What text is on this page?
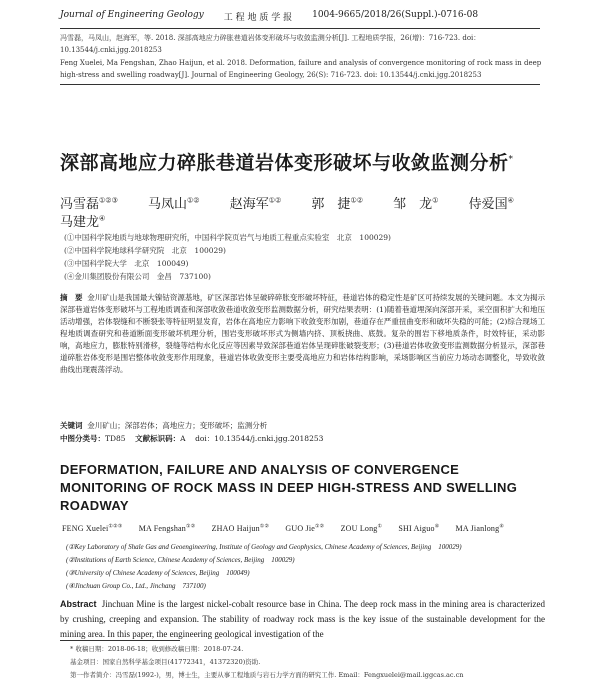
Journal of Engineering Geology 工 程 地 质 学 报 1004-9665/2018/26(Suppl.)-0716-08
冯雪磊，马凤山，赵海军，等. 2018. 深部高地应力碎胀巷道岩体变形破坏与收敛监测分析[J]. 工程地质学报，26(增)：716-723. doi：10.13544/j.cnki.jgg.2018253
Feng Xuelei, Ma Fengshan, Zhao Haijun, et al. 2018. Deformation, failure and analysis of convergence monitoring of rock mass in deep high-stress and swelling roadway[J]. Journal of Engineering Geology, 26(S): 716-723. doi: 10.13544/j.cnki.jgg.2018253
深部高地应力碎胀巷道岩体变形破坏与收敛监测分析*
冯雪磊①②③ 马凤山①② 赵海军①② 郭　捷①② 邹　龙① 侍爱国④
马建龙④
(①中国科学院地质与地球物理研究所，中国科学院页岩气与地质工程重点实验室　北京　100029)
(②中国科学院地球科学研究院　北京　100029)
(③中国科学院大学　北京　100049)
(④金川集团股份有限公司　金昌　737100)
摘　要 金川矿山是我国最大镍钴资源基地，矿区深部岩体呈破碎碎胀变形破坏特征，巷道岩体的稳定性是矿区可持续发展的关键问题。本文为揭示深部巷道岩体变形破坏与工程地质调查和深部收敛巷道收敛变形监测数据分析，研究结果表明：(1)随着巷道埋深向深部开采，采空面积扩大和地压活动增强，岩体裂缝和不断裂张等特征明显发育，岩体在高地应力影响下收敛变形加剧，巷道存在严重扭曲变形和破坏失稳的可能；(2)综合现场工程地质调查研究和巷道断面变形破坏机理分析，围岩变形破坏形式为侧墙内挤、顶板挠曲、底鼓。复杂的围岩下移地质条件，时效特征，采动影响，高地应力，膨胀特别滑移，裂缝等结构水化反应等因素导致深部巷道岩体呈现碎胀破裂变形；(3)巷道岩体收敛变形监测数据分析显示，深部巷道碎胀岩体变形是围岩整体收敛变形作用现象，巷道岩体收敛变形主要受高地应力和岩体结构影响，采场影响区当前应力场动态调整化，导致收敛曲线出现震荡浮动。
关键词 金川矿山；深部岩体；高地应力；变形破坏；监测分析
中图分类号：TD85 文献标识码：A doi：10.13544/j.cnki.jgg.2018253
DEFORMATION, FAILURE AND ANALYSIS OF CONVERGENCE MONITORING OF ROCK MASS IN DEEP HIGH-STRESS AND SWELLING ROADWAY
FENG Xuelei①②③ MA Fengshan①② ZHAO Haijun①② GUO Jie①② ZOU Long① SHI Aiguo④ MA Jianlong④
(①Key Laboratory of Shale Gas and Geoengineering, Institute of Geology and Geophysics, Chinese Academy of Sciences, Beijing　100029)
(②Institutions of Earth Science, Chinese Academy of Sciences, Beijing　100029)
(③University of Chinese Academy of Sciences, Beijing　100049)
(④Jinchuan Group Co., Ltd., Jinchang　737100)
Abstract Jinchuan Mine is the largest nickel-cobalt resource base in China. The deep rock mass in the mining area is characterized by crushing, creeping and expansion. The stability of roadway rock mass is the key issue of the sustainable development for the mining area. In this paper, the engineering geological investigation of the
* 收稿日期：2018-06-18；收到修改稿日期：2018-07-24.
基金项目：国家自然科学基金项目(41772341，41372320)资助.
第一作者简介：冯雪磊(1992-)，男，博士生，主要从事工程地质与岩石力学方面的研究工作. Email：Fengxuelei@mail.iggcas.ac.cn
